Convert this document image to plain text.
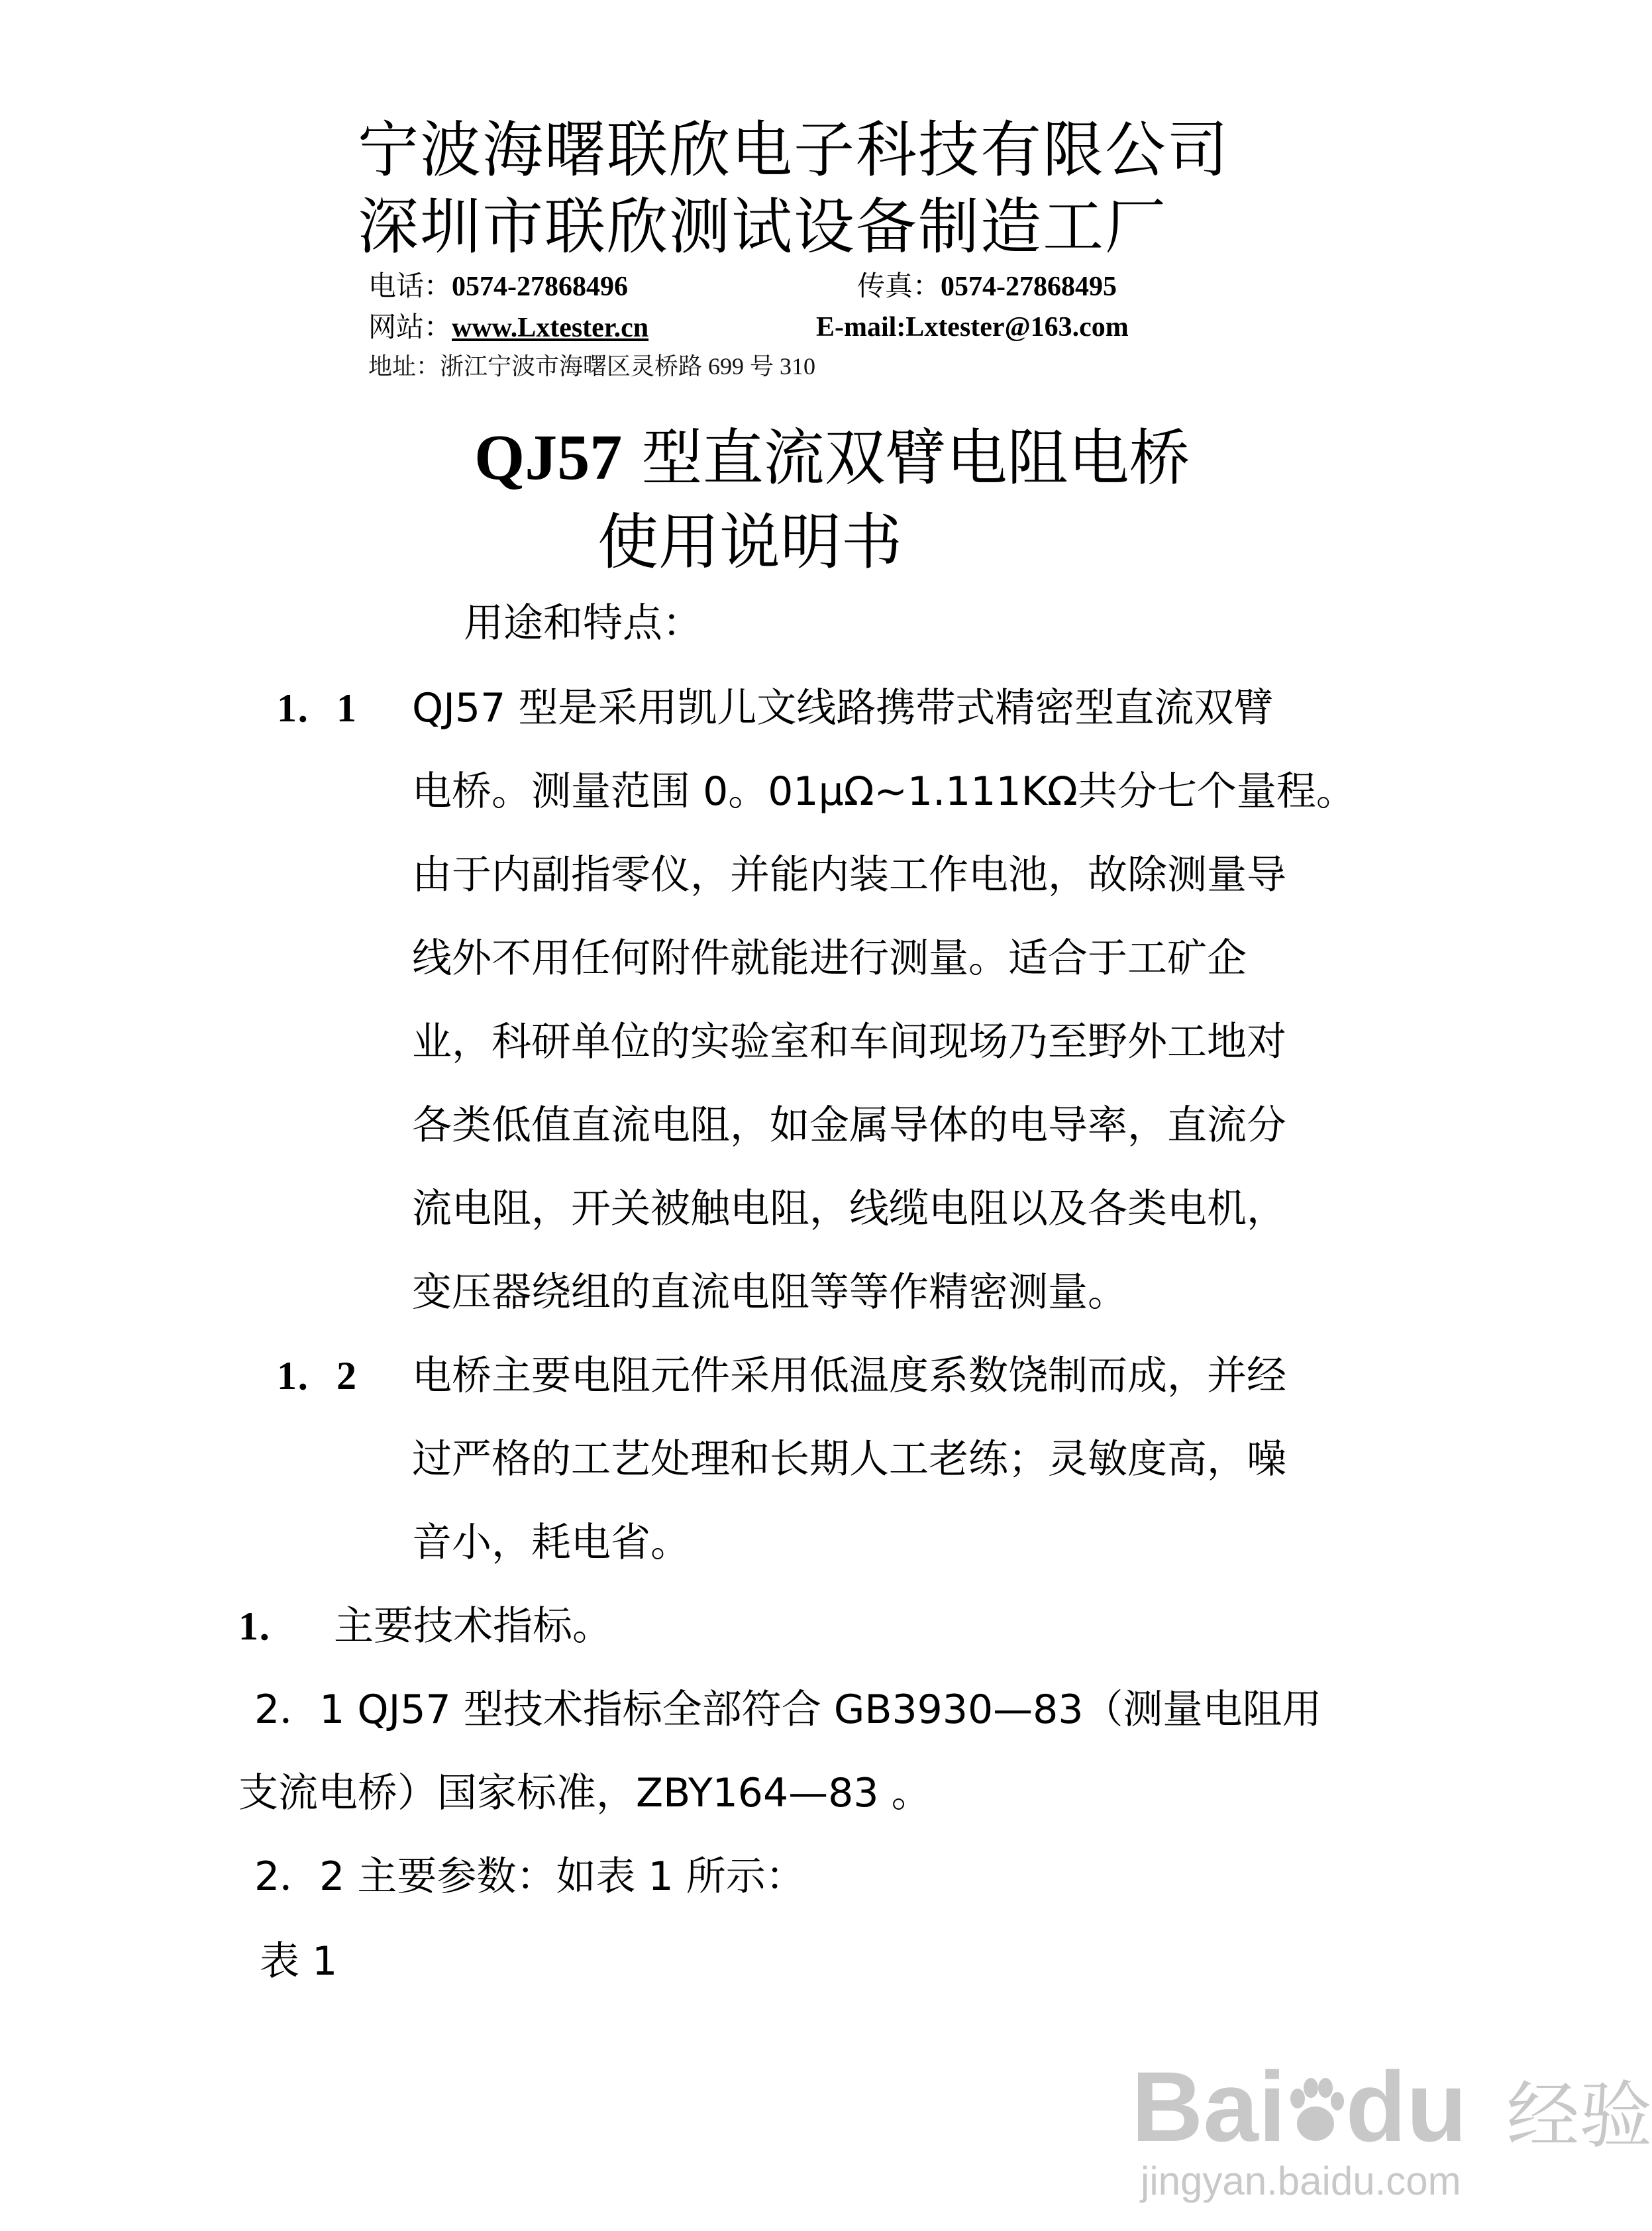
宁波海曙联欣电子科技有限公司
深圳市联欣测试设备制造工厂
电话：0574-27868496	传真：0574-27868495
网站：www.Lxtester.cn	E-mail:Lxtester@163.com
地址：浙江宁波市海曙区灵桥路 699 号 310
QJ57 型直流双臂电阻电桥
使用说明书
用途和特点：
1．1 QJ57 型是采用凯儿文线路携带式精密型直流双臂
电桥。测量范围 0。01μΩ~1.111KΩ共分七个量程。
由于内副指零仪，并能内装工作电池，故除测量导
线外不用任何附件就能进行测量。适合于工矿企
业，科研单位的实验室和车间现场乃至野外工地对
各类低值直流电阻，如金属导体的电导率，直流分
流电阻，开关被触电阻，线缆电阻以及各类电机，
变压器绕组的直流电阻等等作精密测量。
1．2 电桥主要电阻元件采用低温度系数饶制而成，并经
过严格的工艺处理和长期人工老练；灵敏度高，噪
音小，耗电省。
1． 主要技术指标。
2．1 QJ57 型技术指标全部符合 GB3930—83（测量电阻用
支流电桥）国家标准，ZBY164—83 。
2．2 主要参数：如表 1 所示：
表 1
Bai du 经验
jingyan.baidu.com
